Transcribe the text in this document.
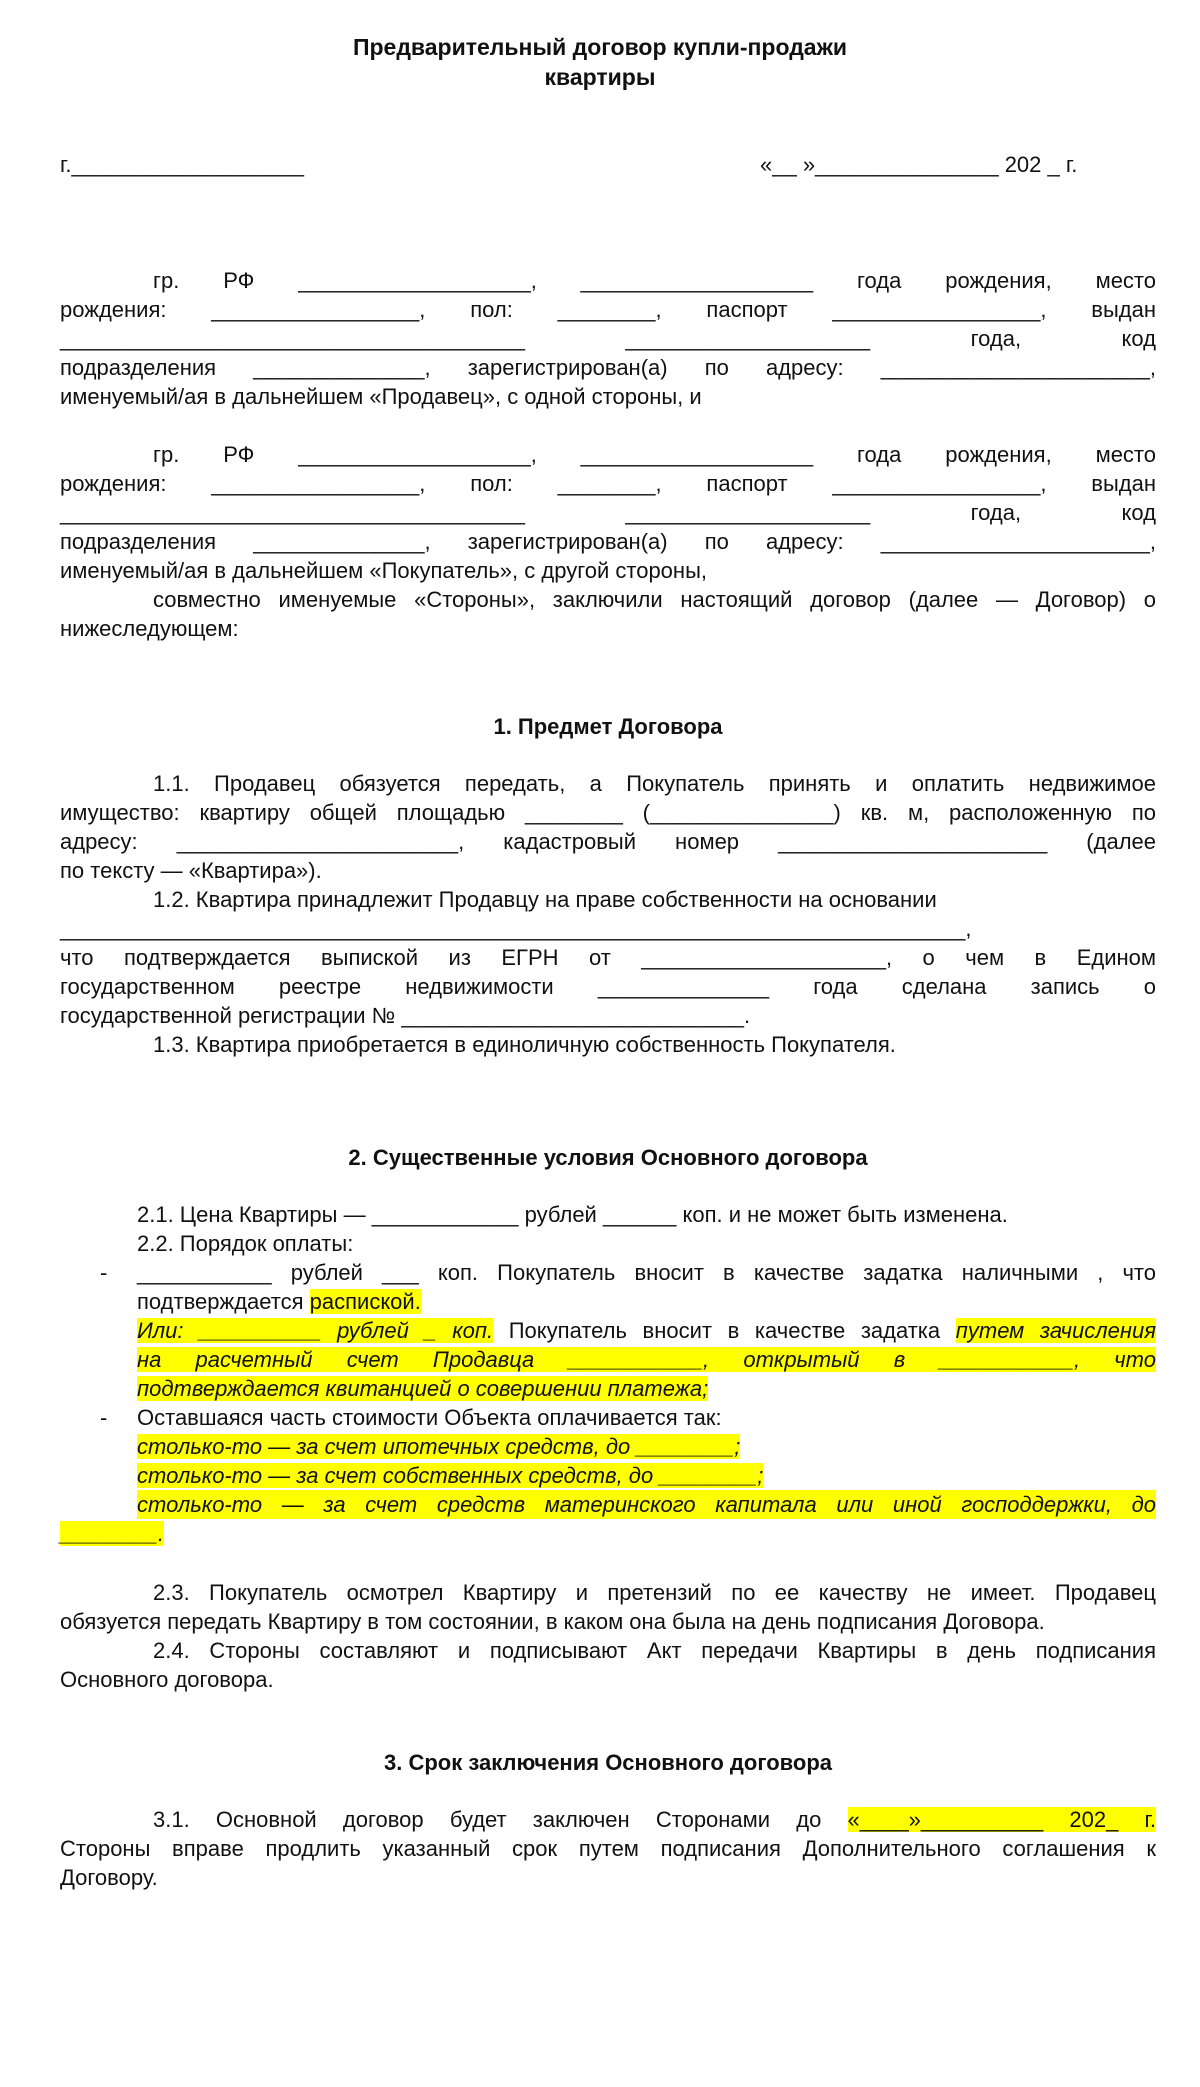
Предварительный договор купли-продажи
квартиры
г.___________________	«__ »_______________ 202 _ г.
гр. РФ ___________________, ___________________ года рождения, место
рождения: _________________, пол: ________, паспорт _________________, выдан
______________________________________ ____________________ года, код
подразделения ______________, зарегистрирован(а) по адресу: ______________________,
именуемый/ая в дальнейшем «Продавец», с одной стороны, и
гр. РФ ___________________, ___________________ года рождения, место
рождения: _________________, пол: ________, паспорт _________________, выдан
______________________________________ ____________________ года, код
подразделения ______________, зарегистрирован(а) по адресу: ______________________,
именуемый/ая в дальнейшем «Покупатель», с другой стороны,
совместно именуемые «Стороны», заключили настоящий договор (далее — Договор) о
нижеследующем:
1. Предмет Договора
1.1. Продавец обязуется передать, а Покупатель принять и оплатить недвижимое
имущество: квартиру общей площадью ________ (_______________) кв. м, расположенную по
адресу: _______________________, кадастровый номер ______________________ (далее
по тексту — «Квартира»).
1.2. Квартира принадлежит Продавцу на праве собственности на основании
__________________________________________________________________________,
что подтверждается выпиской из ЕГРН от ____________________, о чем в Едином
государственном реестре недвижимости ______________ года сделана запись о
государственной регистрации № ____________________________.
1.3. Квартира приобретается в единоличную собственность Покупателя.
2. Существенные условия Основного договора
2.1. Цена Квартиры — ____________ рублей ______ коп. и не может быть изменена.
2.2. Порядок оплаты:
- ___________ рублей ___ коп. Покупатель вносит в качестве задатка наличными , что
подтверждается распиской.
Или: __________ рублей _ коп. Покупатель вносит в качестве задатка путем зачисления
на расчетный счет Продавца ___________, открытый в ___________, что
подтверждается квитанцией о совершении платежа;
- Оставшаяся часть стоимости Объекта оплачивается так:
столько-то — за счет ипотечных средств, до ________;
столько-то — за счет собственных средств, до ________;
столько-то — за счет средств материнского капитала или иной господдержки, до
________.
2.3. Покупатель осмотрел Квартиру и претензий по ее качеству не имеет. Продавец
обязуется передать Квартиру в том состоянии, в каком она была на день подписания Договора.
2.4. Стороны составляют и подписывают Акт передачи Квартиры в день подписания
Основного договора.
3. Срок заключения Основного договора
3.1. Основной договор будет заключен Сторонами до «____»__________ 202_ г.
Стороны вправе продлить указанный срок путем подписания Дополнительного соглашения к
Договору.
